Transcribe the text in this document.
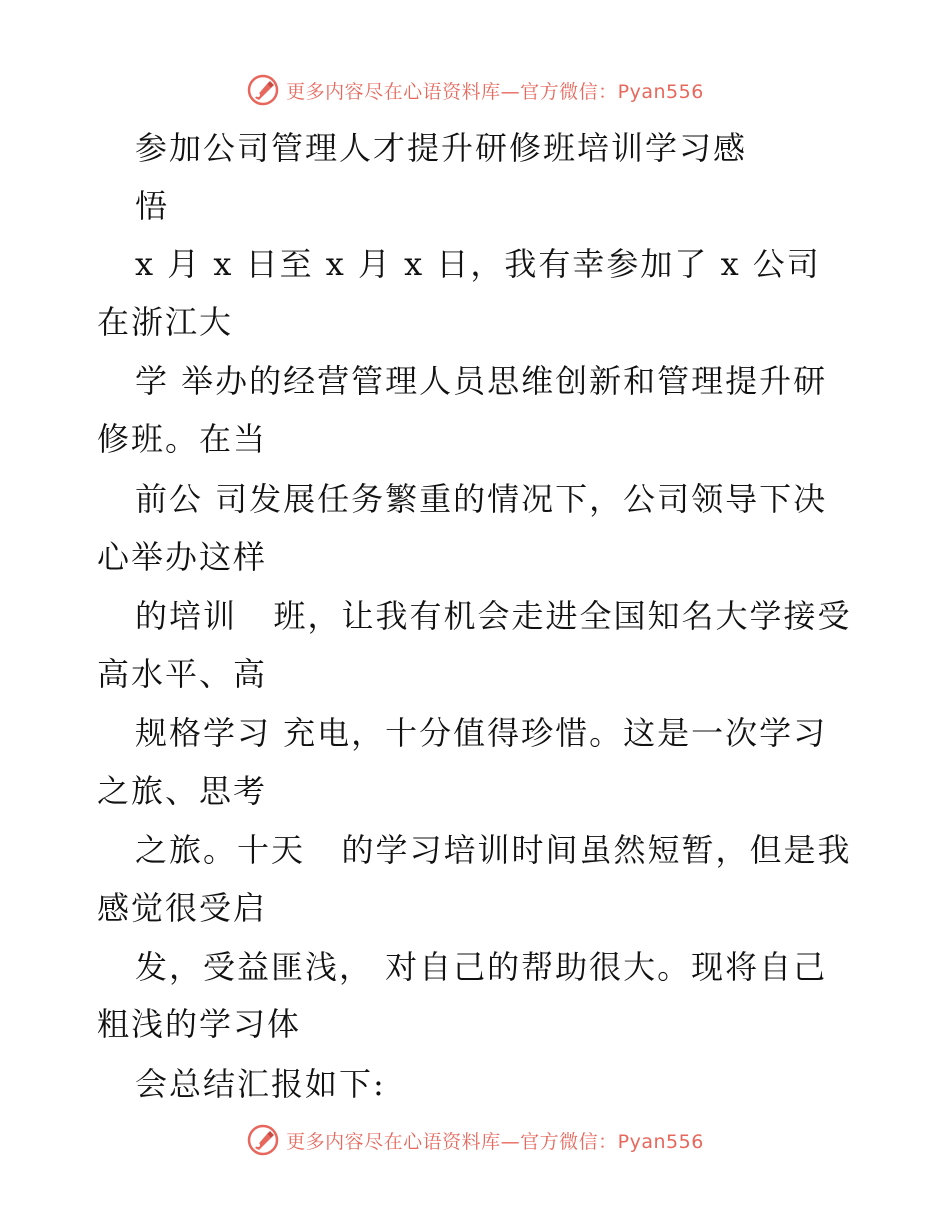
更多内容尽在心语资料库—官方微信：Pyan556
参加公司管理人才提升研修班培训学习感
悟
x 月 x 日至 x 月 x 日，我有幸参加了 x 公司
在浙江大
学 举办的经营管理人员思维创新和管理提升研
修班。在当
前公 司发展任务繁重的情况下，公司领导下决
心举办这样
的培训   班，让我有机会走进全国知名大学接受
高水平、高
规格学习 充电，十分值得珍惜。这是一次学习
之旅、思考
之旅。十天   的学习培训时间虽然短暂，但是我
感觉很受启
发，受益匪浅， 对自己的帮助很大。现将自己
粗浅的学习体
会总结汇报如下:
更多内容尽在心语资料库—官方微信：Pyan556
